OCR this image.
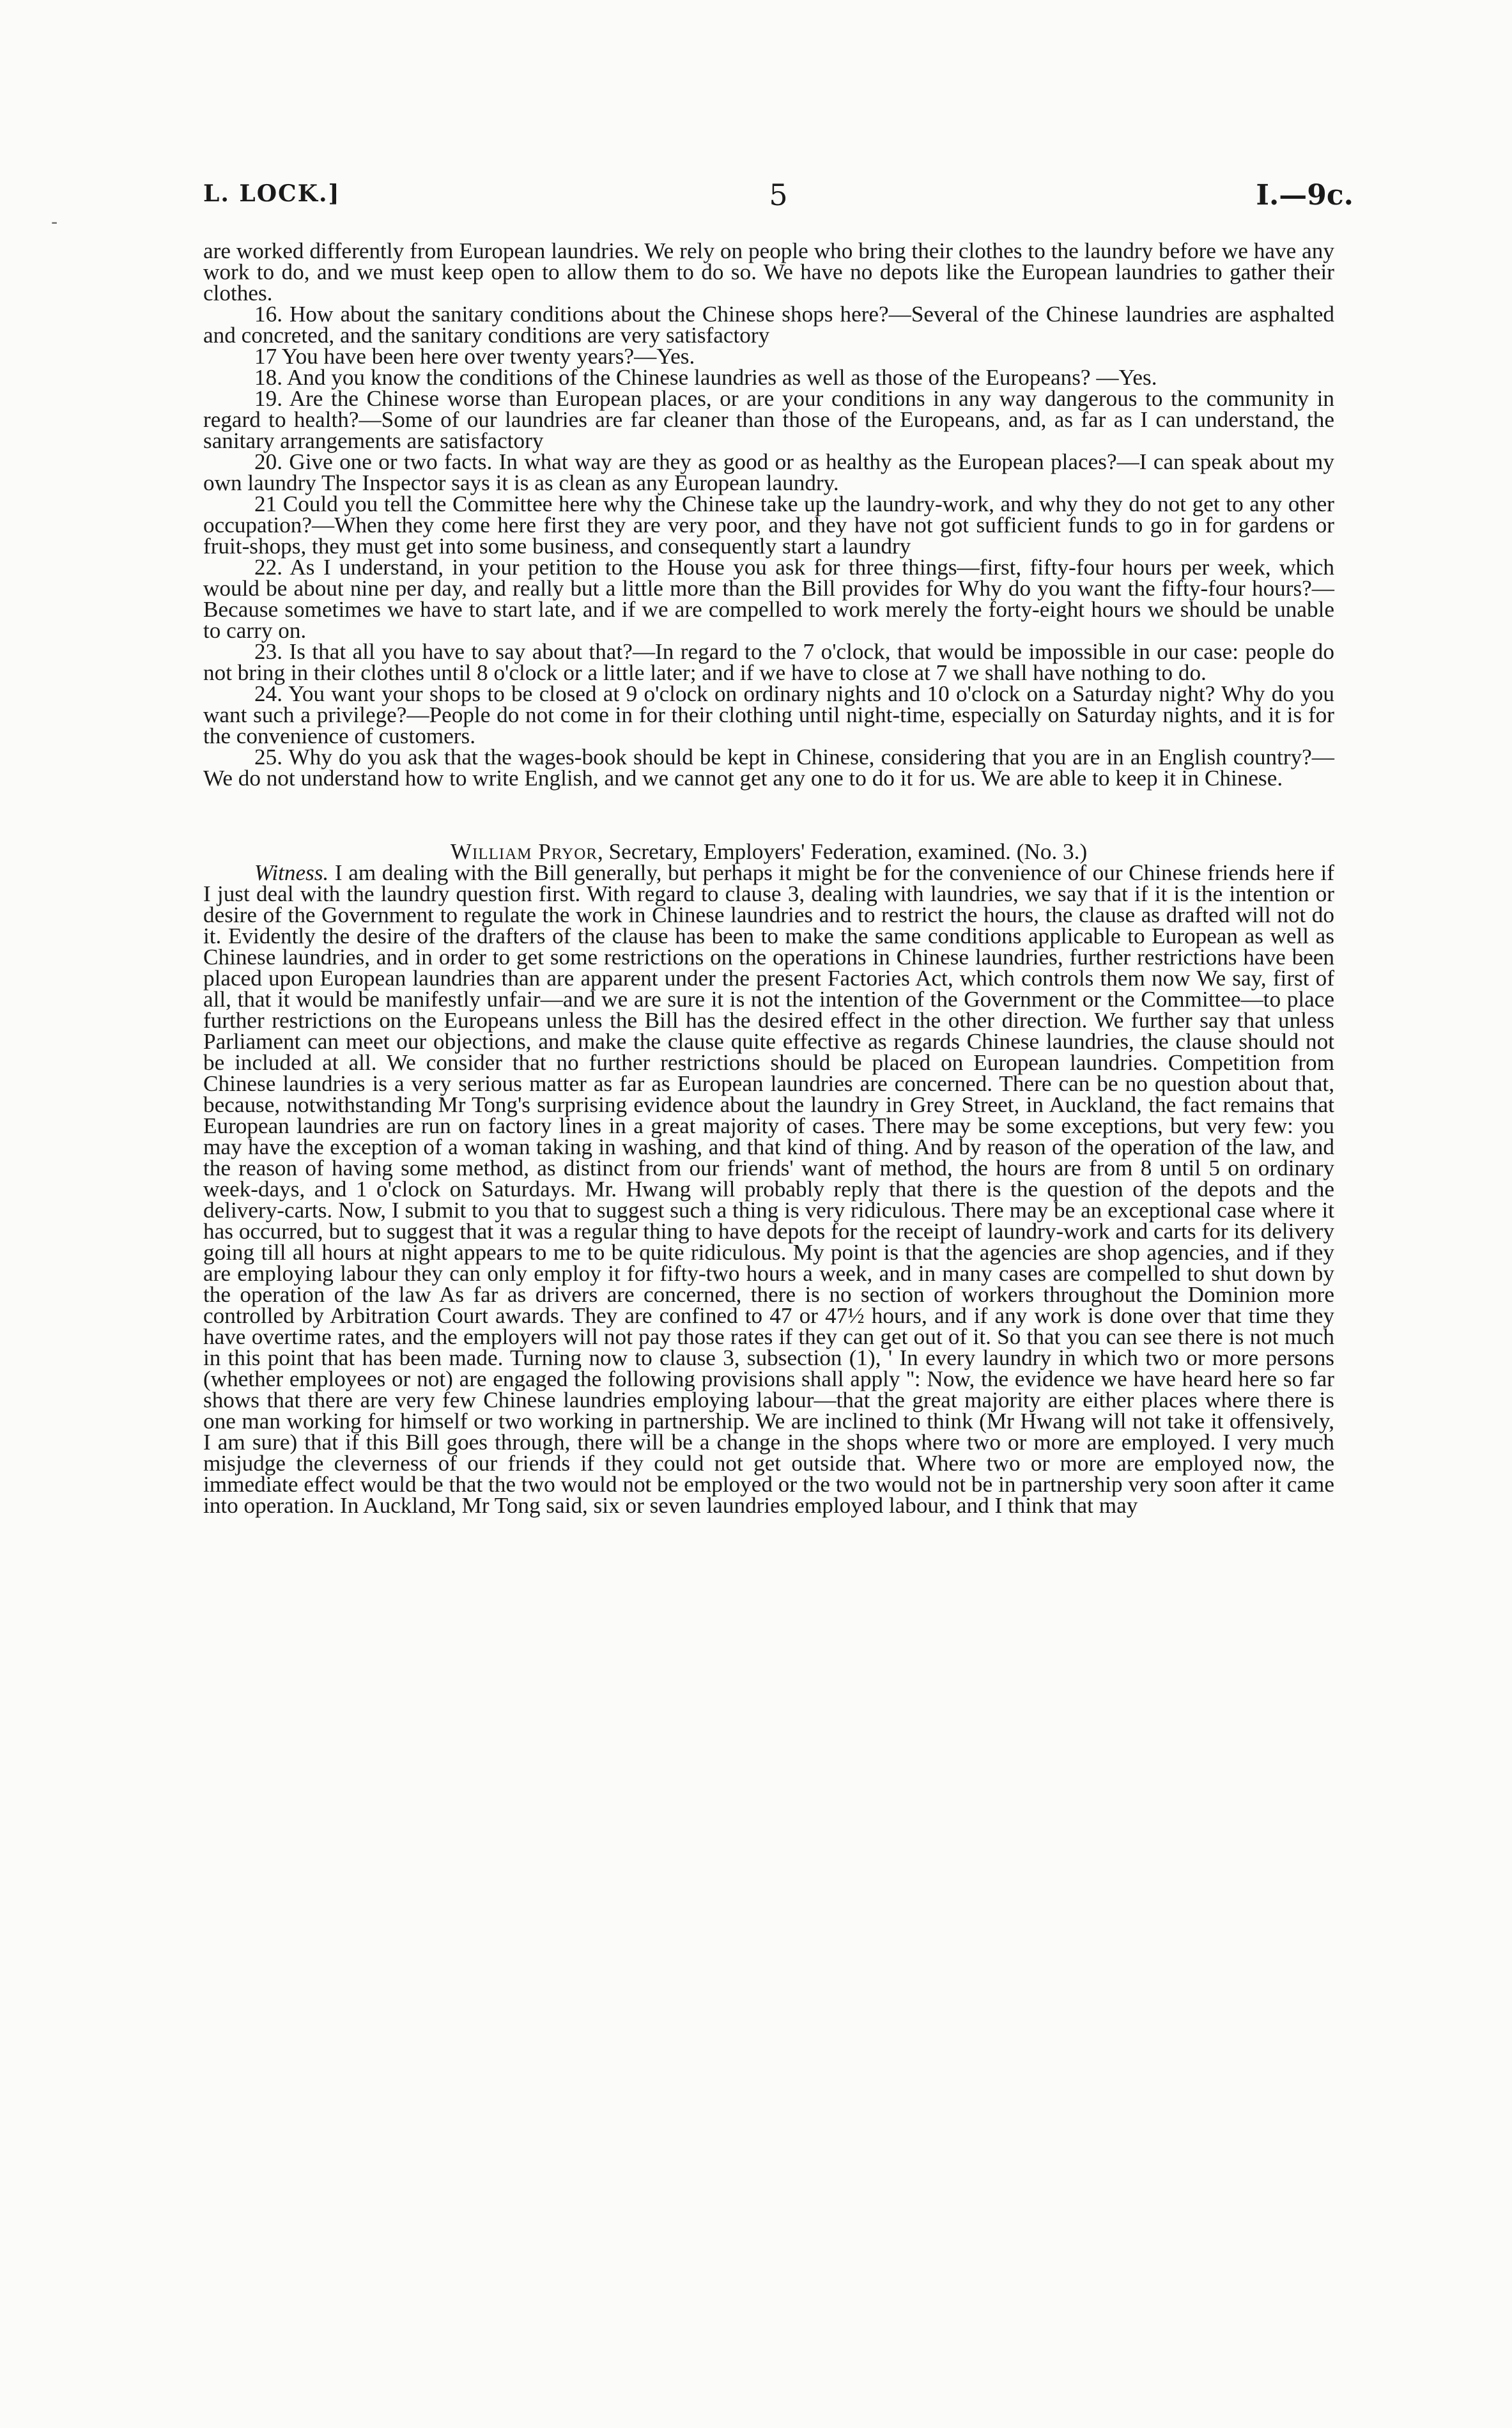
L. LOCK.]	5	I.—9c.
-

are worked differently from European laundries. We rely on people who bring their clothes to the laundry before we have any work to do, and we must keep open to allow them to do so. We have no depots like the European laundries to gather their clothes.

16. How about the sanitary conditions about the Chinese shops here?—Several of the Chinese laundries are asphalted and concreted, and the sanitary conditions are very satisfactory

17 You have been here over twenty years?—Yes.

18. And you know the conditions of the Chinese laundries as well as those of the Europeans? —Yes.

19. Are the Chinese worse than European places, or are your conditions in any way dangerous to the community in regard to health?—Some of our laundries are far cleaner than those of the Europeans, and, as far as I can understand, the sanitary arrangements are satisfactory

20. Give one or two facts. In what way are they as good or as healthy as the European places?—I can speak about my own laundry The Inspector says it is as clean as any European laundry.

21 Could you tell the Committee here why the Chinese take up the laundry-work, and why they do not get to any other occupation?—When they come here first they are very poor, and they have not got sufficient funds to go in for gardens or fruit-shops, they must get into some business, and consequently start a laundry

22. As I understand, in your petition to the House you ask for three things—first, fifty-four hours per week, which would be about nine per day, and really but a little more than the Bill provides for Why do you want the fifty-four hours?—Because sometimes we have to start late, and if we are compelled to work merely the forty-eight hours we should be unable to carry on.

23. Is that all you have to say about that?—In regard to the 7 o'clock, that would be impossible in our case: people do not bring in their clothes until 8 o'clock or a little later; and if we have to close at 7 we shall have nothing to do.

24. You want your shops to be closed at 9 o'clock on ordinary nights and 10 o'clock on a Saturday night? Why do you want such a privilege?—People do not come in for their clothing until night-time, especially on Saturday nights, and it is for the convenience of customers.

25. Why do you ask that the wages-book should be kept in Chinese, considering that you are in an English country?—We do not understand how to write English, and we cannot get any one to do it for us. We are able to keep it in Chinese.

William Pryor, Secretary, Employers' Federation, examined. (No. 3.)

Witness. I am dealing with the Bill generally, but perhaps it might be for the convenience of our Chinese friends here if I just deal with the laundry question first. With regard to clause 3, dealing with laundries, we say that if it is the intention or desire of the Government to regulate the work in Chinese laundries and to restrict the hours, the clause as drafted will not do it. Evidently the desire of the drafters of the clause has been to make the same conditions applicable to European as well as Chinese laundries, and in order to get some restrictions on the operations in Chinese laundries, further restrictions have been placed upon European laundries than are apparent under the present Factories Act, which controls them now We say, first of all, that it would be manifestly unfair—and we are sure it is not the intention of the Government or the Committee—to place further restrictions on the Europeans unless the Bill has the desired effect in the other direction. We further say that unless Parliament can meet our objections, and make the clause quite effective as regards Chinese laundries, the clause should not be included at all. We consider that no further restrictions should be placed on European laundries. Competition from Chinese laundries is a very serious matter as far as European laundries are concerned. There can be no question about that, because, notwithstanding Mr Tong's surprising evidence about the laundry in Grey Street, in Auckland, the fact remains that European laundries are run on factory lines in a great majority of cases. There may be some exceptions, but very few: you may have the exception of a woman taking in washing, and that kind of thing. And by reason of the operation of the law, and the reason of having some method, as distinct from our friends' want of method, the hours are from 8 until 5 on ordinary week-days, and 1 o'clock on Saturdays. Mr. Hwang will probably reply that there is the question of the depots and the delivery-carts. Now, I submit to you that to suggest such a thing is very ridiculous. There may be an exceptional case where it has occurred, but to suggest that it was a regular thing to have depots for the receipt of laundry-work and carts for its delivery going till all hours at night appears to me to be quite ridiculous. My point is that the agencies are shop agencies, and if they are employing labour they can only employ it for fifty-two hours a week, and in many cases are compelled to shut down by the operation of the law As far as drivers are concerned, there is no section of workers throughout the Dominion more controlled by Arbitration Court awards. They are confined to 47 or 47½ hours, and if any work is done over that time they have overtime rates, and the employers will not pay those rates if they can get out of it. So that you can see there is not much in this point that has been made. Turning now to clause 3, subsection (1), ' In every laundry in which two or more persons (whether employees or not) are engaged the following provisions shall apply '': Now, the evidence we have heard here so far shows that there are very few Chinese laundries employing labour—that the great majority are either places where there is one man working for himself or two working in partnership. We are inclined to think (Mr Hwang will not take it offensively, I am sure) that if this Bill goes through, there will be a change in the shops where two or more are employed. I very much misjudge the cleverness of our friends if they could not get outside that. Where two or more are employed now, the immediate effect would be that the two would not be employed or the two would not be in partnership very soon after it came into operation. In Auckland, Mr Tong said, six or seven laundries employed labour, and I think that may
